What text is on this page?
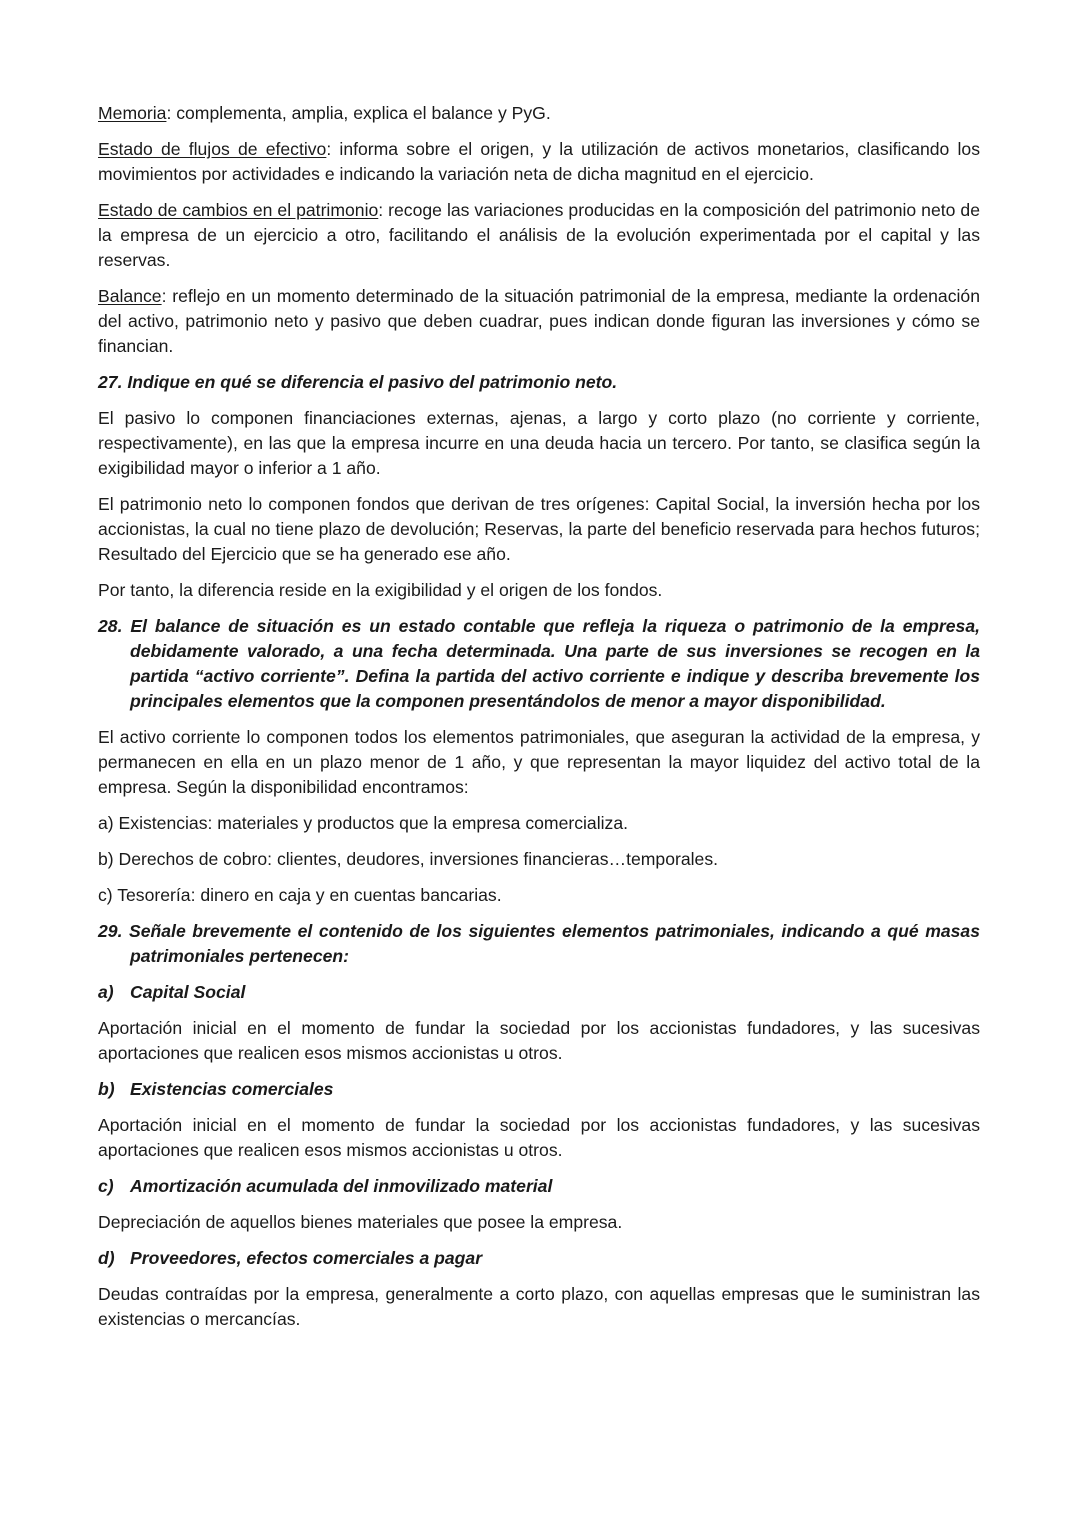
Memoria: complementa, amplia, explica el balance y PyG.

Estado de flujos de efectivo: informa sobre el origen, y la utilización de activos monetarios, clasificando los movimientos por actividades e indicando la variación neta de dicha magnitud en el ejercicio.

Estado de cambios en el patrimonio: recoge las variaciones producidas en la composición del patrimonio neto de la empresa de un ejercicio a otro, facilitando el análisis de la evolución experimentada por el capital y las reservas.

Balance: reflejo en un momento determinado de la situación patrimonial de la empresa, mediante la ordenación del activo, patrimonio neto y pasivo que deben cuadrar, pues indican donde figuran las inversiones y cómo se financian.

27. Indique en qué se diferencia el pasivo del patrimonio neto.

El pasivo lo componen financiaciones externas, ajenas, a largo y corto plazo (no corriente y corriente, respectivamente), en las que la empresa incurre en una deuda hacia un tercero. Por tanto, se clasifica según la exigibilidad mayor o inferior a 1 año.

El patrimonio neto lo componen fondos que derivan de tres orígenes: Capital Social, la inversión hecha por los accionistas, la cual no tiene plazo de devolución; Reservas, la parte del beneficio reservada para hechos futuros; Resultado del Ejercicio que se ha generado ese año.

Por tanto, la diferencia reside en la exigibilidad y el origen de los fondos.

28. El balance de situación es un estado contable que refleja la riqueza o patrimonio de la empresa, debidamente valorado, a una fecha determinada. Una parte de sus inversiones se recogen en la partida “activo corriente”. Defina la partida del activo corriente e indique y describa brevemente los principales elementos que la componen presentándolos de menor a mayor disponibilidad.

El activo corriente lo componen todos los elementos patrimoniales, que aseguran la actividad de la empresa, y permanecen en ella en un plazo menor de 1 año, y que representan la mayor liquidez del activo total de la empresa. Según la disponibilidad encontramos:

a) Existencias: materiales y productos que la empresa comercializa.

b) Derechos de cobro: clientes, deudores, inversiones financieras…temporales.

c) Tesorería: dinero en caja y en cuentas bancarias.

29. Señale brevemente el contenido de los siguientes elementos patrimoniales, indicando a qué masas patrimoniales pertenecen:

a) Capital Social

Aportación inicial en el momento de fundar la sociedad por los accionistas fundadores, y las sucesivas aportaciones que realicen esos mismos accionistas u otros.

b) Existencias comerciales

Aportación inicial en el momento de fundar la sociedad por los accionistas fundadores, y las sucesivas aportaciones que realicen esos mismos accionistas u otros.

c) Amortización acumulada del inmovilizado material

Depreciación de aquellos bienes materiales que posee la empresa.

d) Proveedores, efectos comerciales a pagar

Deudas contraídas por la empresa, generalmente a corto plazo, con aquellas empresas que le suministran las existencias o mercancías.
